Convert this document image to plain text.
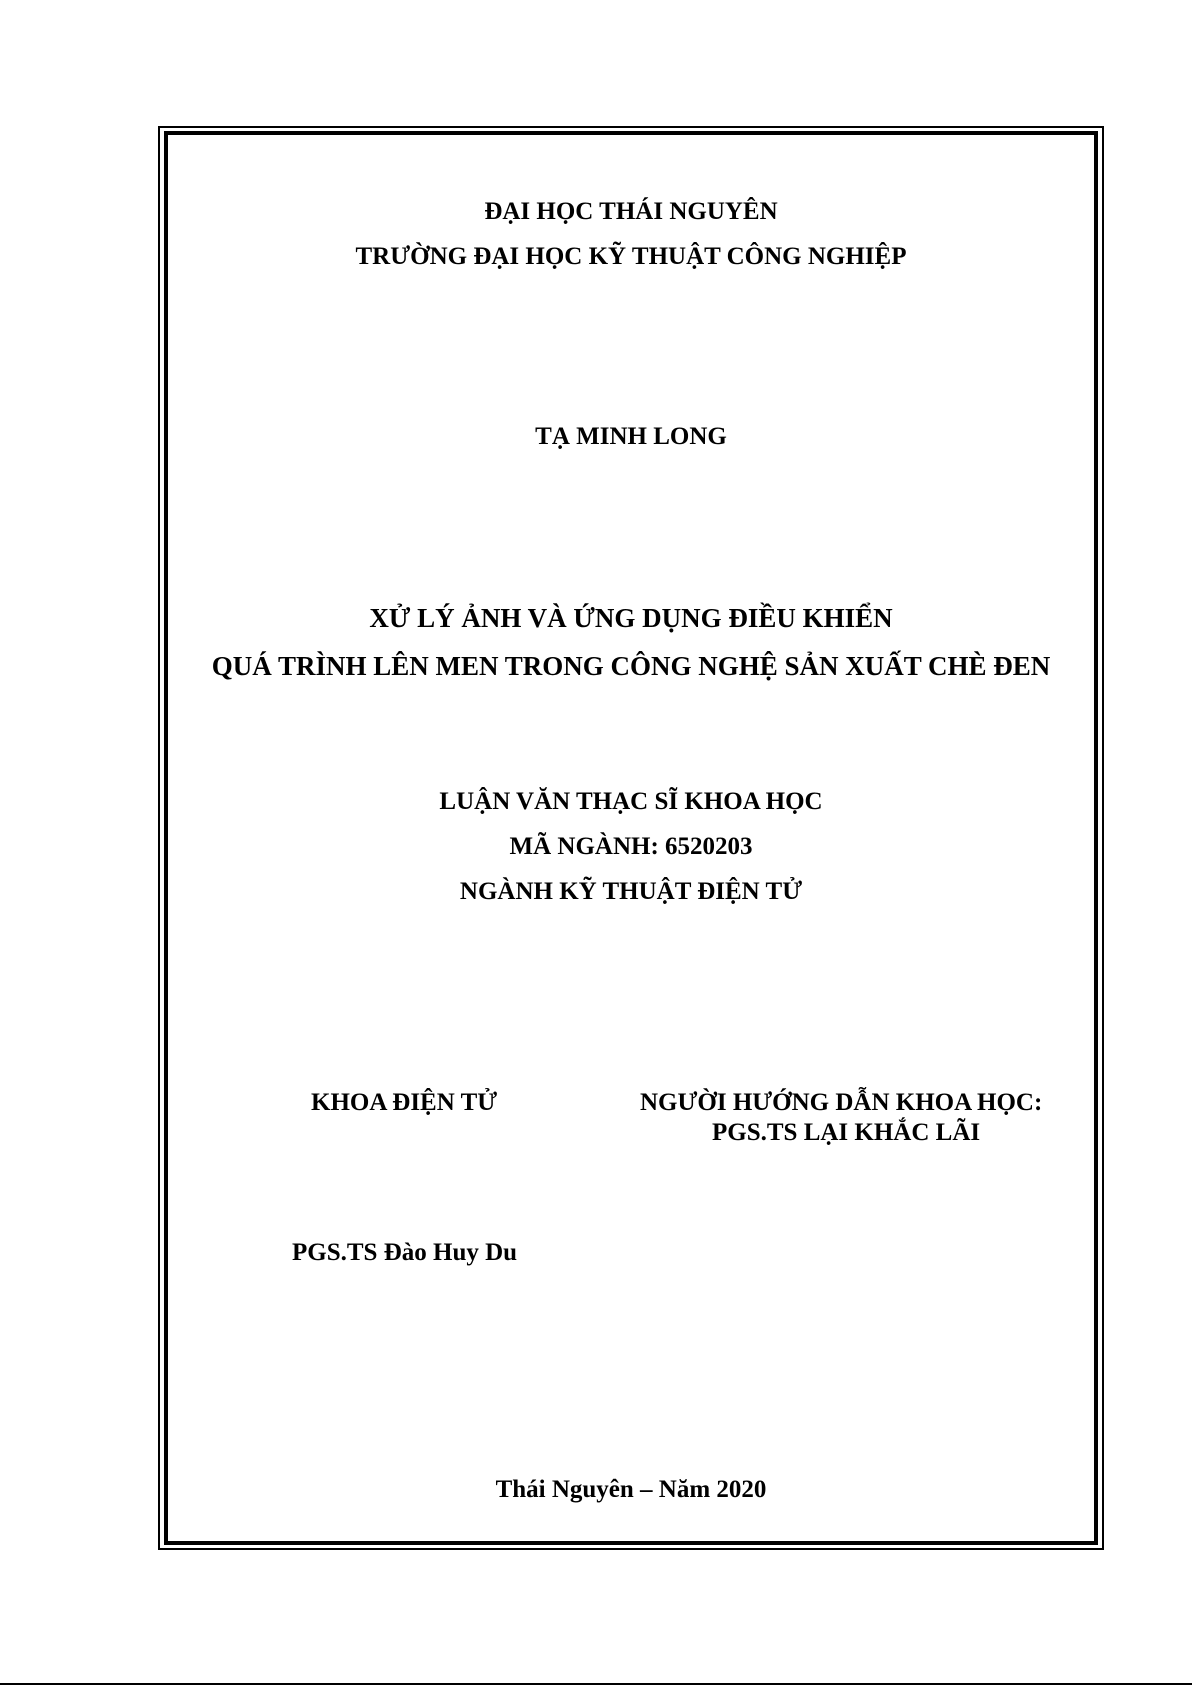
ĐẠI HỌC THÁI NGUYÊN
TRƯỜNG ĐẠI HỌC KỸ THUẬT CÔNG NGHIỆP
TẠ MINH LONG
XỬ LÝ ẢNH VÀ ỨNG DỤNG ĐIỀU KHIỂN
QUÁ TRÌNH LÊN MEN TRONG CÔNG NGHỆ SẢN XUẤT CHÈ ĐEN
LUẬN VĂN THẠC SĨ KHOA HỌC
MÃ NGÀNH: 6520203
NGÀNH KỸ THUẬT ĐIỆN TỬ
KHOA ĐIỆN TỬ	NGƯỜI HƯỚNG DẪN KHOA HỌC:
PGS.TS LẠI KHẮC LÃI
PGS.TS Đào Huy Du
Thái Nguyên – Năm 2020
